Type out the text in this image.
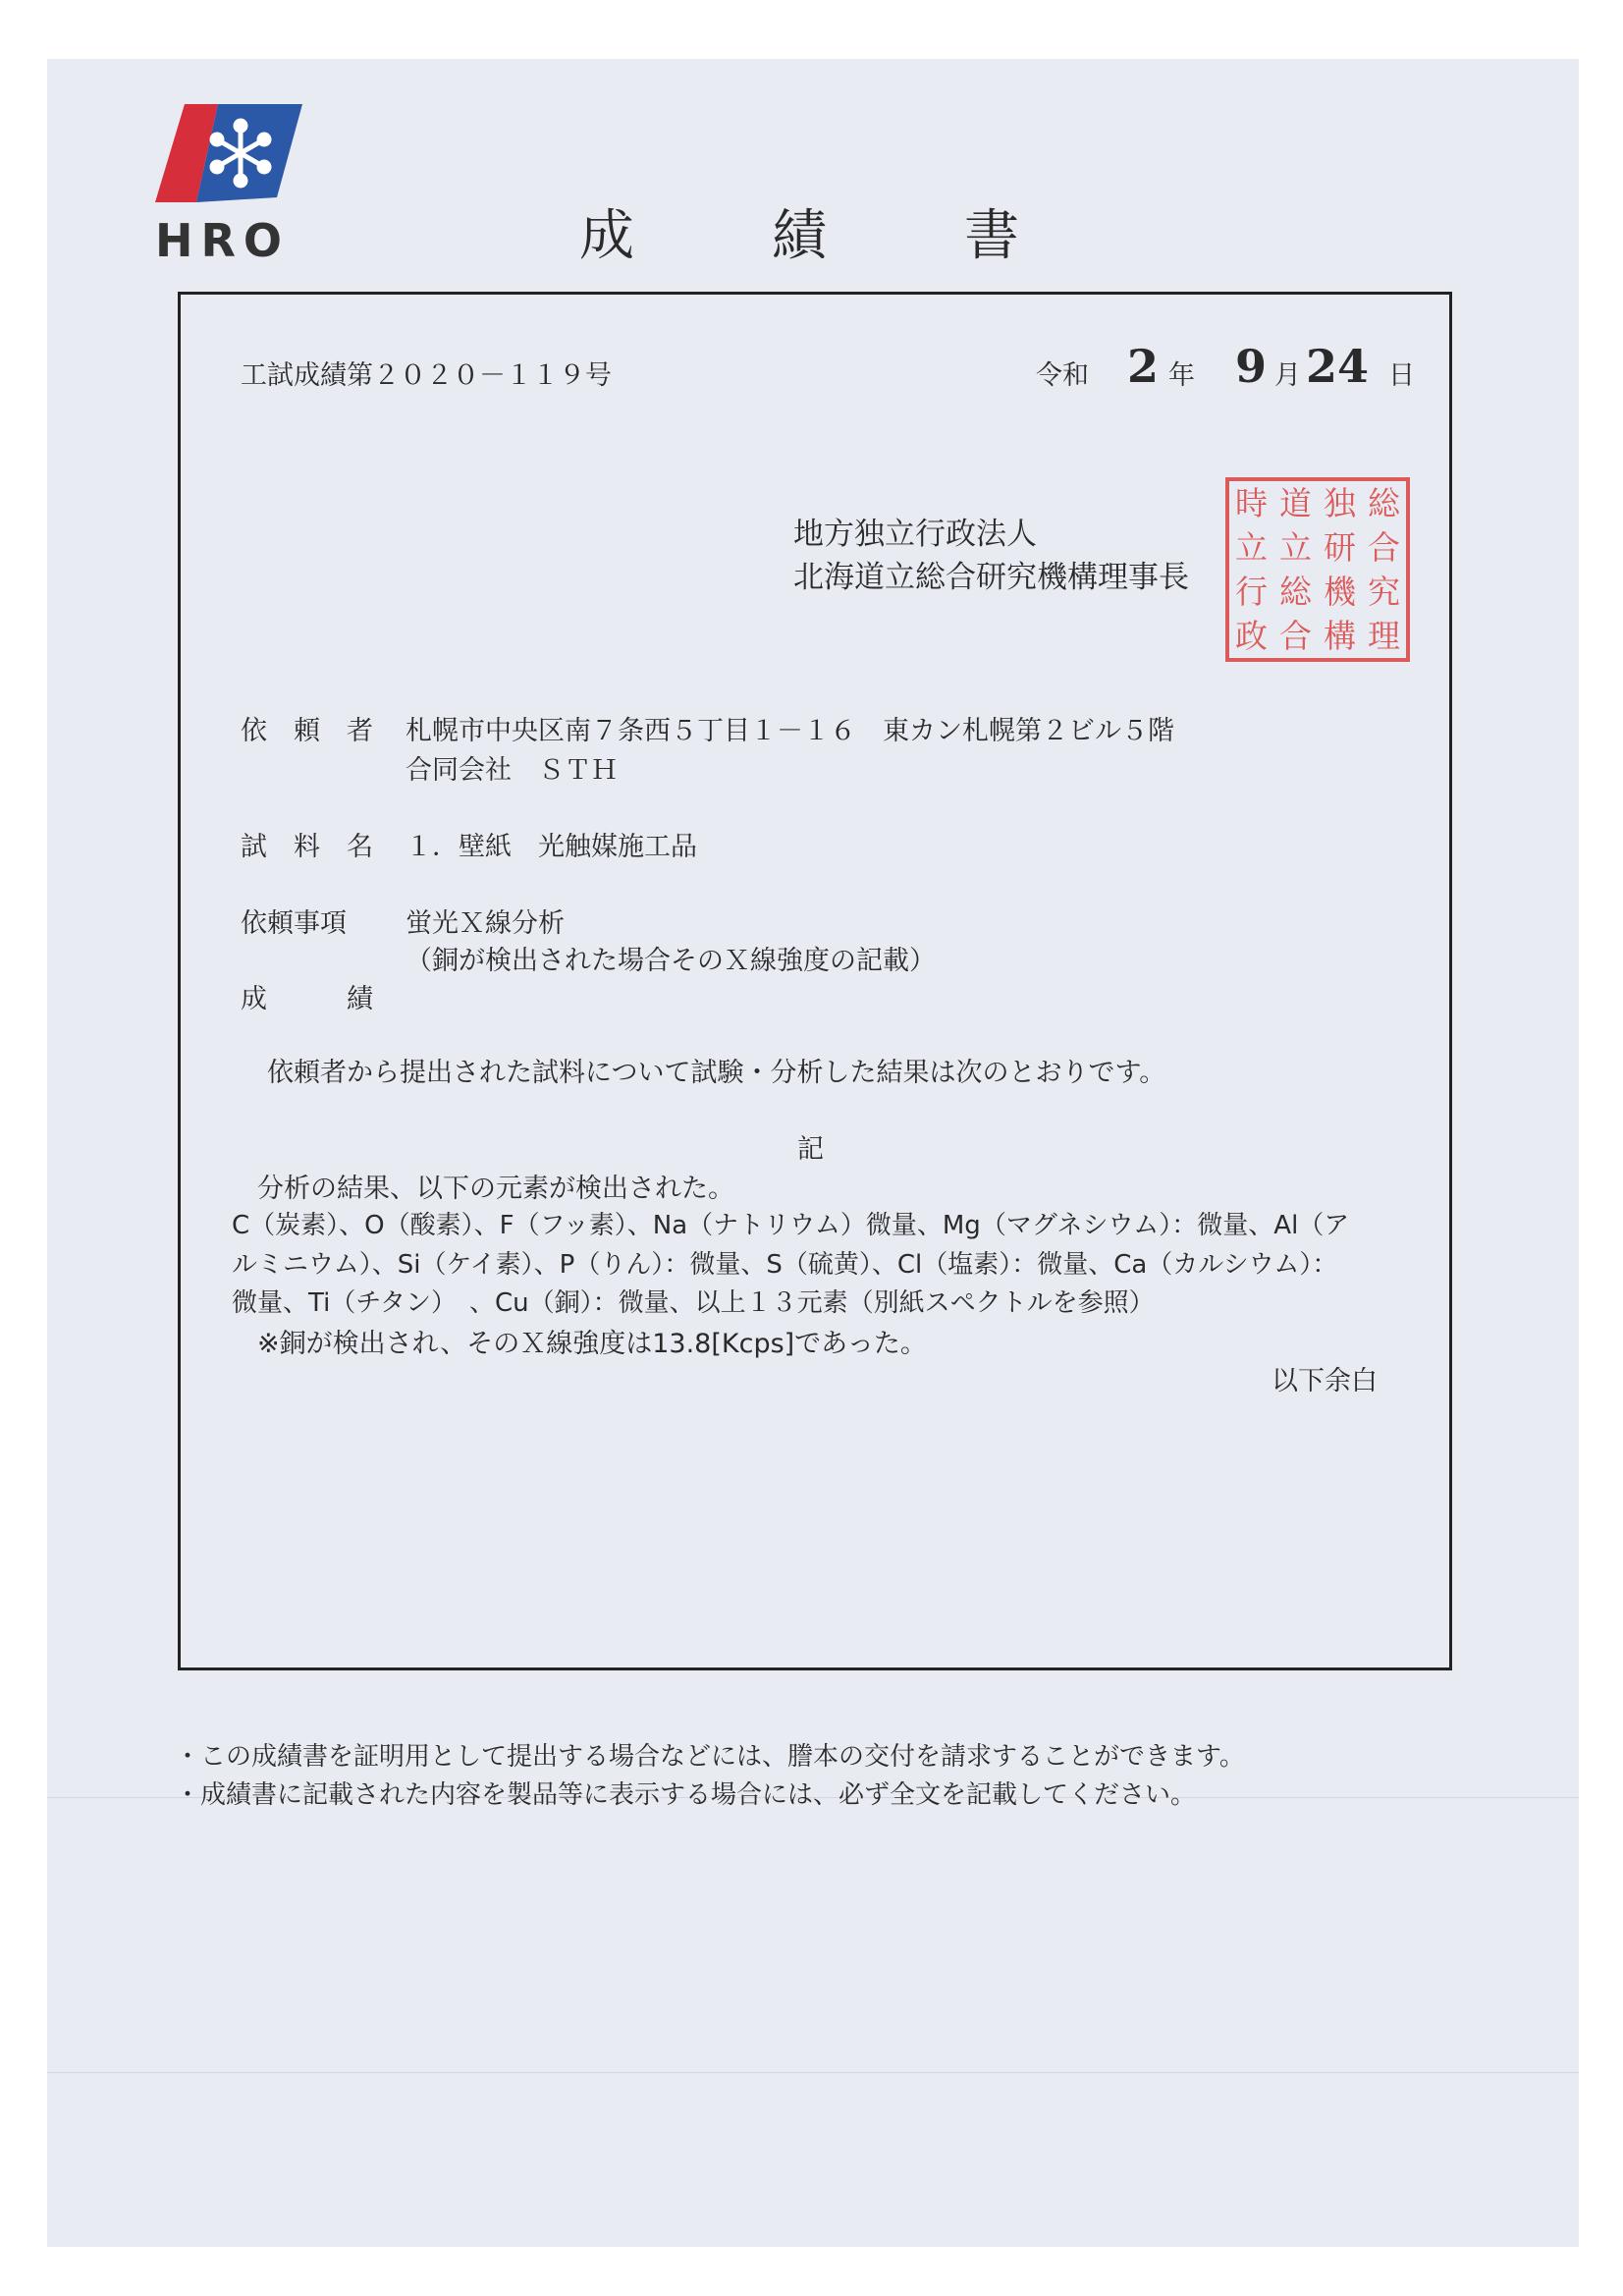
HRO	成績書
工試成績第２０２０－１１９号	令和 2 年 9 月 24 日
地方独立行政法人
北海道立総合研究機構理事長
時 道 独 総
立 立 研 合
行 総 機 究
政 合 構 理
依　頼　者 札幌市中央区南７条西５丁目１－１６　東カン札幌第２ビル５階
合同会社　ＳＴＨ
試　料　名 １．壁紙　光触媒施工品
依頼事項 蛍光Ｘ線分析
（銅が検出された場合そのＸ線強度の記載）
成　　　績
依頼者から提出された試料について試験・分析した結果は次のとおりです。
記
分析の結果、以下の元素が検出された。
C（炭素）、O（酸素）、F（フッ素）、Na（ナトリウム）微量、Mg（マグネシウム）：微量、Al（ア
ルミニウム）、Si（ケイ素）、P（りん）：微量、S（硫黄）、Cl（塩素）：微量、Ca（カルシウム）：
微量、Ti（チタン）　、Cu（銅）：微量、以上１３元素（別紙スペクトルを参照）
※銅が検出され、そのＸ線強度は13.8[Kcps]であった。
以下余白
・この成績書を証明用として提出する場合などには、謄本の交付を請求することができます。
・成績書に記載された内容を製品等に表示する場合には、必ず全文を記載してください。
